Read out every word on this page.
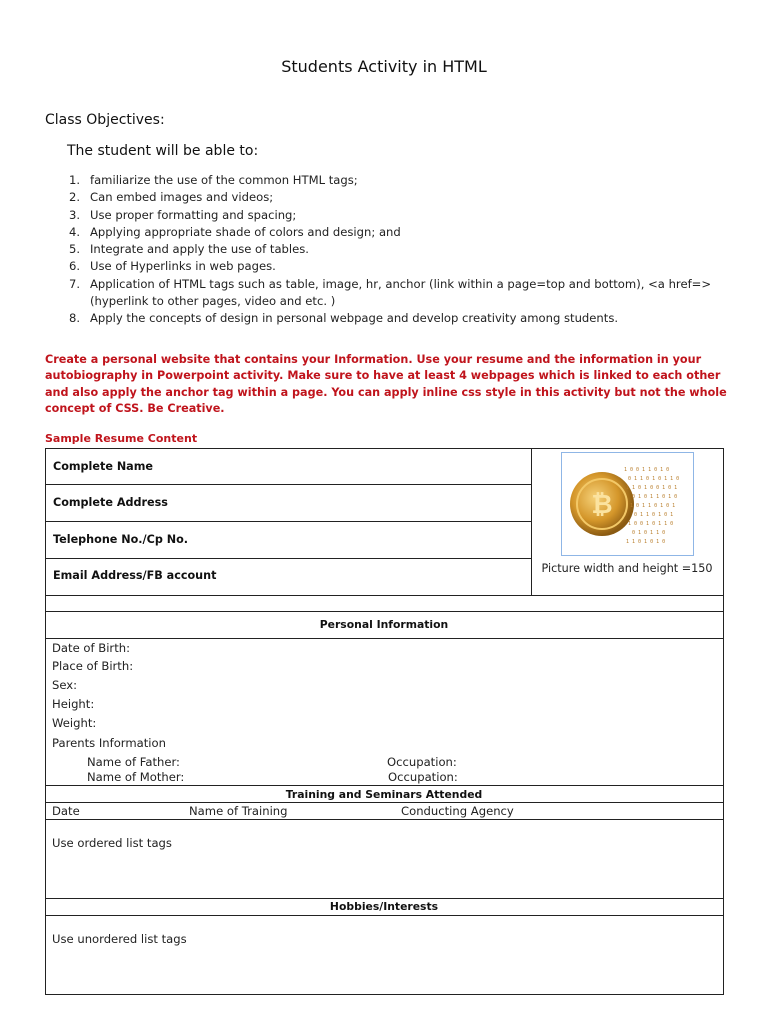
Students Activity in HTML
Class Objectives:
The student will be able to:
1. familiarize the use of the common HTML tags;
2. Can embed images and videos;
3. Use proper formatting and spacing;
4. Applying appropriate shade of colors and design; and
5. Integrate and apply the use of tables.
6. Use of Hyperlinks in web pages.
7. Application of HTML tags such as table, image, hr, anchor (link within a page=top and bottom), <a href=> (hyperlink to other pages, video and etc. )
8. Apply the concepts of design in personal webpage and develop creativity among students.
Create a personal website that contains your Information. Use your resume and the information in your autobiography in Powerpoint activity. Make sure to have at least 4 webpages which is linked to each other and also apply the anchor tag within a page. You can apply inline css style in this activity but not the whole concept of CSS. Be Creative.
Sample Resume Content
Complete Name
Complete Address
Telephone No./Cp No.
Email Address/FB account
₿
1 0 0 1 1 0 1 0
0 1 1 0 1 0 1 1 0
1 1 0 1 0 0 1 0 1
0 1 0 1 1 0 1 0
1 0 1 1 0 1 0 1
0 1 1 0 1 0 1
1 0 0 1 0 1 1 0
0 1 0 1 1 0
1 1 0 1 0 1 0
Picture width and height =150
Personal Information
Date of Birth:
Place of Birth:
Sex:
Height:
Weight:
Parents Information
Name of Father:	Occupation:
Name of Mother:	Occupation:
Training and Seminars Attended
Date	Name of Training	Conducting Agency
Use ordered list tags
Hobbies/Interests
Use unordered list tags
